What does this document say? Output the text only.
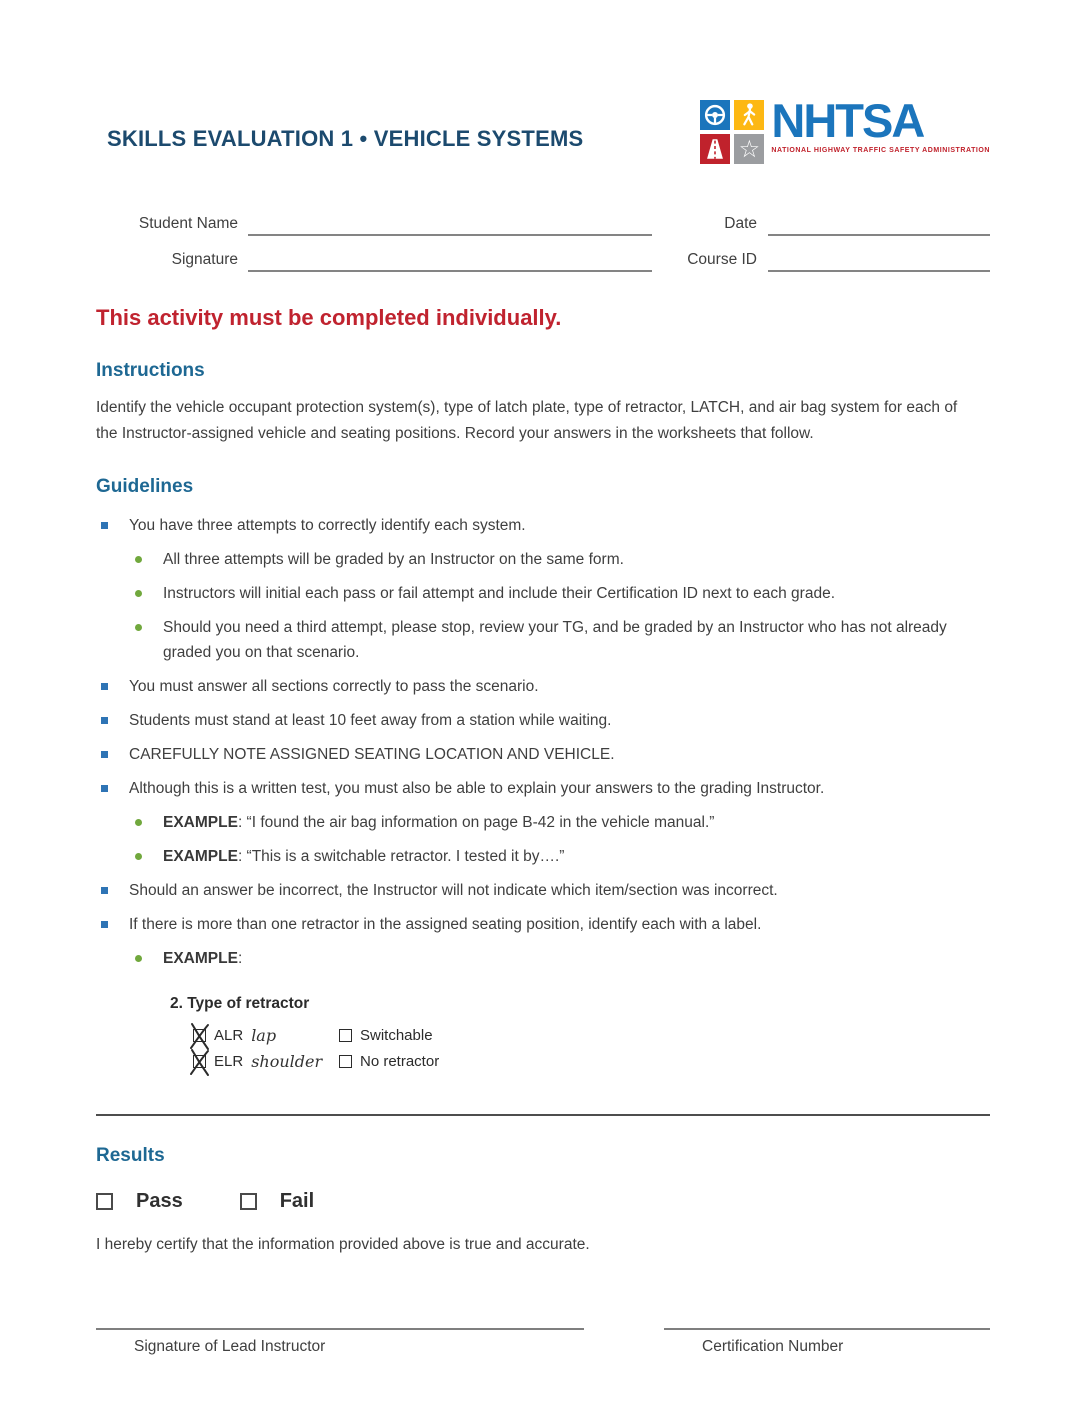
SKILLS EVALUATION 1 • VEHICLE SYSTEMS	☆
NHTSA
NATIONAL HIGHWAY TRAFFIC SAFETY ADMINISTRATION
Student Name	Date
Signature	Course ID
This activity must be completed individually.
Instructions

Identify the vehicle occupant protection system(s), type of latch plate, type of retractor, LATCH, and air bag system for each of the Instructor-assigned vehicle and seating positions. Record your answers in the worksheets that follow.

Guidelines
You have three attempts to correctly identify each system.
All three attempts will be graded by an Instructor on the same form.
Instructors will initial each pass or fail attempt and include their Certification ID next to each grade.
Should you need a third attempt, please stop, review your TG, and be graded by an Instructor who has not already graded you on that scenario.
You must answer all sections correctly to pass the scenario.
Students must stand at least 10 feet away from a station while waiting.
CAREFULLY NOTE ASSIGNED SEATING LOCATION AND VEHICLE.
Although this is a written test, you must also be able to explain your answers to the grading Instructor.
EXAMPLE: “I found the air bag information on page B-42 in the vehicle manual.”
EXAMPLE: “This is a switchable retractor. I tested it by….”
Should an answer be incorrect, the Instructor will not indicate which item/section was incorrect.
If there is more than one retractor in the assigned seating position, identify each with a label.
EXAMPLE:
2. Type of retractor
ALR lap	Switchable
ELR shoulder	No retractor
Results
Pass	Fail

I hereby certify that the information provided above is true and accurate.

Signature of Lead Instructor	Certification Number
